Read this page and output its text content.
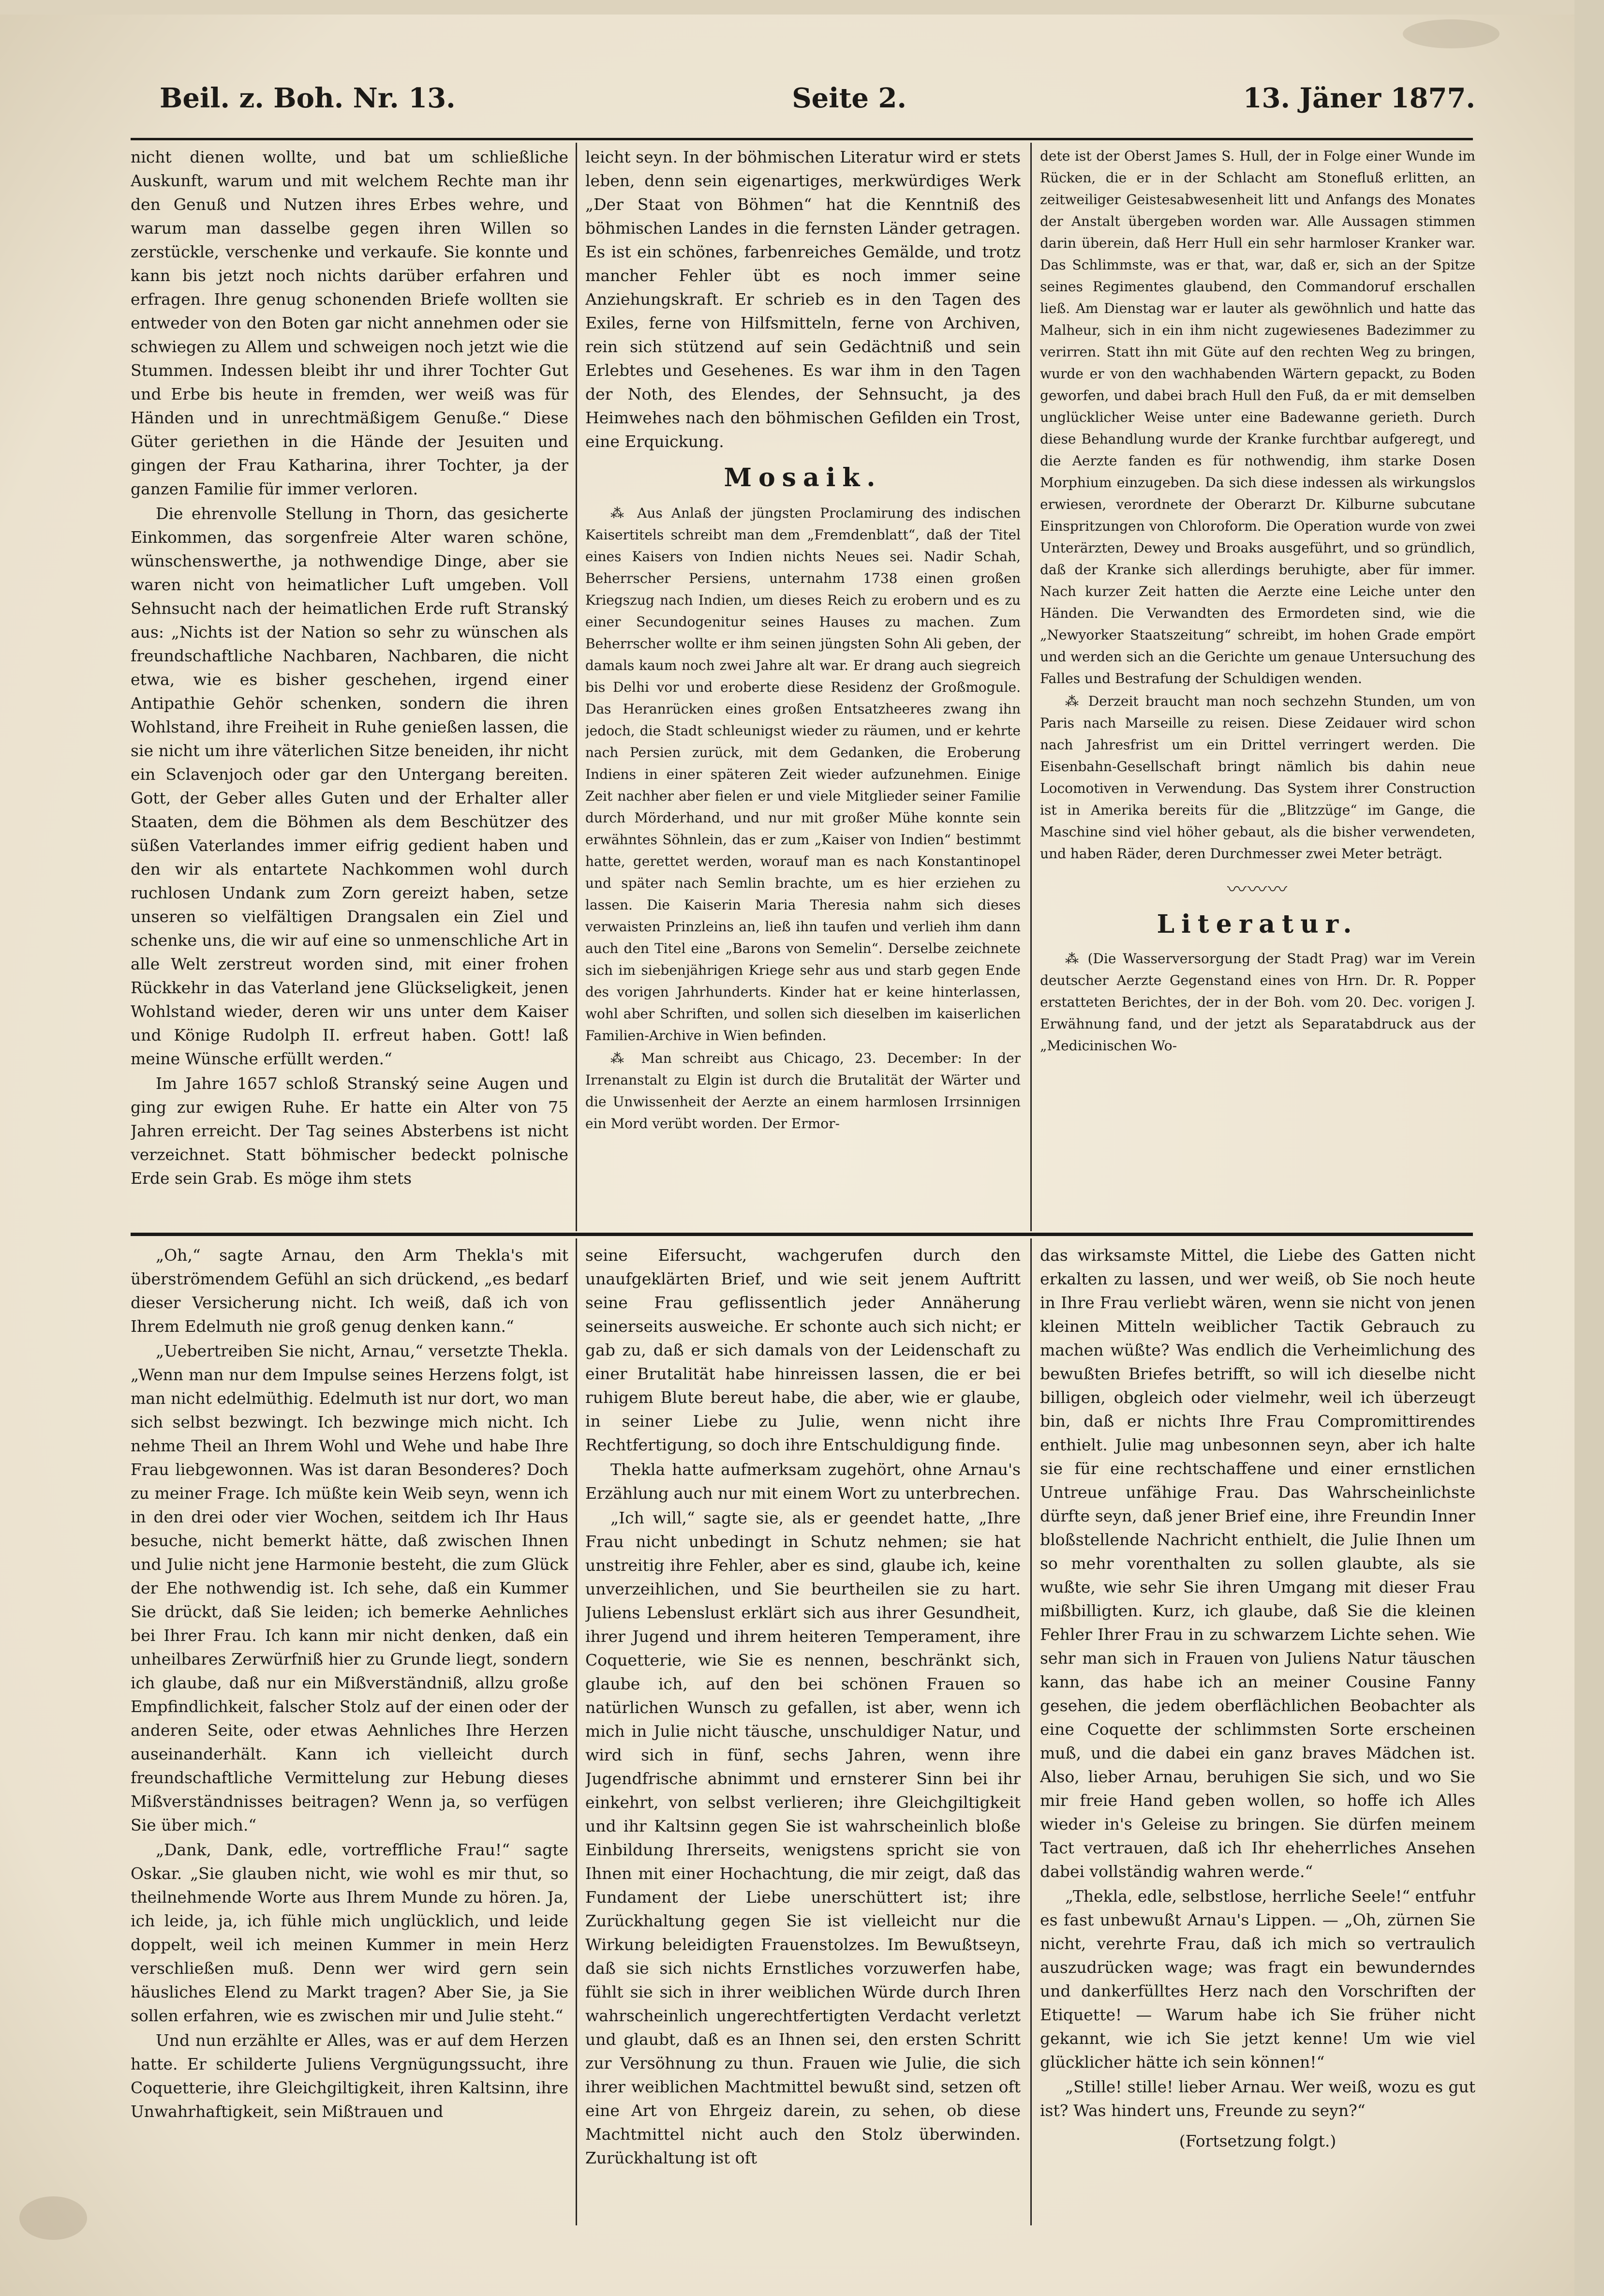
Beil. z. Boh. Nr. 13.	Seite 2.	13. Jäner 1877.

nicht dienen wollte, und bat um schließliche Auskunft, warum und mit welchem Rechte man ihr den Genuß und Nutzen ihres Erbes wehre, und warum man dasselbe gegen ihren Willen so zerstückle, verschenke und verkaufe. Sie konnte und kann bis jetzt noch nichts darüber erfahren und erfragen. Ihre genug schonenden Briefe wollten sie entweder von den Boten gar nicht annehmen oder sie schwiegen zu Allem und schweigen noch jetzt wie die Stummen. Indessen bleibt ihr und ihrer Tochter Gut und Erbe bis heute in fremden, wer weiß was für Händen und in unrechtmäßigem Genuße.“ Diese Güter geriethen in die Hände der Jesuiten und gingen der Frau Katharina, ihrer Tochter, ja der ganzen Familie für immer verloren.

Die ehrenvolle Stellung in Thorn, das gesicherte Einkommen, das sorgenfreie Alter waren schöne, wünschenswerthe, ja nothwendige Dinge, aber sie waren nicht von heimatlicher Luft umgeben. Voll Sehnsucht nach der heimatlichen Erde ruft Stranský aus: „Nichts ist der Nation so sehr zu wünschen als freundschaftliche Nachbaren, Nachbaren, die nicht etwa, wie es bisher geschehen, irgend einer Antipathie Gehör schenken, sondern die ihren Wohlstand, ihre Freiheit in Ruhe genießen lassen, die sie nicht um ihre väterlichen Sitze beneiden, ihr nicht ein Sclavenjoch oder gar den Untergang bereiten. Gott, der Geber alles Guten und der Erhalter aller Staaten, dem die Böhmen als dem Beschützer des süßen Vaterlandes immer eifrig gedient haben und den wir als entartete Nachkommen wohl durch ruchlosen Undank zum Zorn gereizt haben, setze unseren so vielfältigen Drangsalen ein Ziel und schenke uns, die wir auf eine so unmenschliche Art in alle Welt zerstreut worden sind, mit einer frohen Rückkehr in das Vaterland jene Glückseligkeit, jenen Wohlstand wieder, deren wir uns unter dem Kaiser und Könige Rudolph II. erfreut haben. Gott! laß meine Wünsche erfüllt werden.“

Im Jahre 1657 schloß Stranský seine Augen und ging zur ewigen Ruhe. Er hatte ein Alter von 75 Jahren erreicht. Der Tag seines Absterbens ist nicht verzeichnet. Statt böhmischer bedeckt polnische Erde sein Grab. Es möge ihm stets

leicht seyn. In der böhmischen Literatur wird er stets leben, denn sein eigenartiges, merkwürdiges Werk „Der Staat von Böhmen“ hat die Kenntniß des böhmischen Landes in die fernsten Länder getragen. Es ist ein schönes, farbenreiches Gemälde, und trotz mancher Fehler übt es noch immer seine Anziehungskraft. Er schrieb es in den Tagen des Exiles, ferne von Hilfsmitteln, ferne von Archiven, rein sich stützend auf sein Gedächtniß und sein Erlebtes und Gesehenes. Es war ihm in den Tagen der Noth, des Elendes, der Sehnsucht, ja des Heimwehes nach den böhmischen Gefilden ein Trost, eine Erquickung.

Mosaik.

⁂ Aus Anlaß der jüngsten Proclamirung des indischen Kaisertitels schreibt man dem „Fremdenblatt“, daß der Titel eines Kaisers von Indien nichts Neues sei. Nadir Schah, Beherrscher Persiens, unternahm 1738 einen großen Kriegszug nach Indien, um dieses Reich zu erobern und es zu einer Secundogenitur seines Hauses zu machen. Zum Beherrscher wollte er ihm seinen jüngsten Sohn Ali geben, der damals kaum noch zwei Jahre alt war. Er drang auch siegreich bis Delhi vor und eroberte diese Residenz der Großmogule. Das Heranrücken eines großen Entsatzheeres zwang ihn jedoch, die Stadt schleunigst wieder zu räumen, und er kehrte nach Persien zurück, mit dem Gedanken, die Eroberung Indiens in einer späteren Zeit wieder aufzunehmen. Einige Zeit nachher aber fielen er und viele Mitglieder seiner Familie durch Mörderhand, und nur mit großer Mühe konnte sein erwähntes Söhnlein, das er zum „Kaiser von Indien“ bestimmt hatte, gerettet werden, worauf man es nach Konstantinopel und später nach Semlin brachte, um es hier erziehen zu lassen. Die Kaiserin Maria Theresia nahm sich dieses verwaisten Prinzleins an, ließ ihn taufen und verlieh ihm dann auch den Titel eine „Barons von Semelin“. Derselbe zeichnete sich im siebenjährigen Kriege sehr aus und starb gegen Ende des vorigen Jahrhunderts. Kinder hat er keine hinterlassen, wohl aber Schriften, und sollen sich dieselben im kaiserlichen Familien-Archive in Wien befinden.

⁂ Man schreibt aus Chicago, 23. December: In der Irrenanstalt zu Elgin ist durch die Brutalität der Wärter und die Unwissenheit der Aerzte an einem harmlosen Irrsinnigen ein Mord verübt worden. Der Ermor-

dete ist der Oberst James S. Hull, der in Folge einer Wunde im Rücken, die er in der Schlacht am Stonefluß erlitten, an zeitweiliger Geistesabwesenheit litt und Anfangs des Monates der Anstalt übergeben worden war. Alle Aussagen stimmen darin überein, daß Herr Hull ein sehr harmloser Kranker war. Das Schlimmste, was er that, war, daß er, sich an der Spitze seines Regimentes glaubend, den Commandoruf erschallen ließ. Am Dienstag war er lauter als gewöhnlich und hatte das Malheur, sich in ein ihm nicht zugewiesenes Badezimmer zu verirren. Statt ihn mit Güte auf den rechten Weg zu bringen, wurde er von den wachhabenden Wärtern gepackt, zu Boden geworfen, und dabei brach Hull den Fuß, da er mit demselben unglücklicher Weise unter eine Badewanne gerieth. Durch diese Behandlung wurde der Kranke furchtbar aufgeregt, und die Aerzte fanden es für nothwendig, ihm starke Dosen Morphium einzugeben. Da sich diese indessen als wirkungslos erwiesen, verordnete der Oberarzt Dr. Kilburne subcutane Einspritzungen von Chloroform. Die Operation wurde von zwei Unterärzten, Dewey und Broaks ausgeführt, und so gründlich, daß der Kranke sich allerdings beruhigte, aber für immer. Nach kurzer Zeit hatten die Aerzte eine Leiche unter den Händen. Die Verwandten des Ermordeten sind, wie die „Newyorker Staatszeitung“ schreibt, im hohen Grade empört und werden sich an die Gerichte um genaue Untersuchung des Falles und Bestrafung der Schuldigen wenden.

⁂ Derzeit braucht man noch sechzehn Stunden, um von Paris nach Marseille zu reisen. Diese Zeidauer wird schon nach Jahresfrist um ein Drittel verringert werden. Die Eisenbahn-Gesellschaft bringt nämlich bis dahin neue Locomotiven in Verwendung. Das System ihrer Construction ist in Amerika bereits für die „Blitzzüge“ im Gange, die Maschine sind viel höher gebaut, als die bisher verwendeten, und haben Räder, deren Durchmesser zwei Meter beträgt.

〰〰〰
Literatur.

⁂ (Die Wasserversorgung der Stadt Prag) war im Verein deutscher Aerzte Gegenstand eines von Hrn. Dr. R. Popper erstatteten Berichtes, der in der Boh. vom 20. Dec. vorigen J. Erwähnung fand, und der jetzt als Separatabdruck aus der „Medicinischen Wo-

„Oh,“ sagte Arnau, den Arm Thekla's mit überströmendem Gefühl an sich drückend, „es bedarf dieser Versicherung nicht. Ich weiß, daß ich von Ihrem Edelmuth nie groß genug denken kann.“

„Uebertreiben Sie nicht, Arnau,“ versetzte Thekla. „Wenn man nur dem Impulse seines Herzens folgt, ist man nicht edelmüthig. Edelmuth ist nur dort, wo man sich selbst bezwingt. Ich bezwinge mich nicht. Ich nehme Theil an Ihrem Wohl und Wehe und habe Ihre Frau liebgewonnen. Was ist daran Besonderes? Doch zu meiner Frage. Ich müßte kein Weib seyn, wenn ich in den drei oder vier Wochen, seitdem ich Ihr Haus besuche, nicht bemerkt hätte, daß zwischen Ihnen und Julie nicht jene Harmonie besteht, die zum Glück der Ehe nothwendig ist. Ich sehe, daß ein Kummer Sie drückt, daß Sie leiden; ich bemerke Aehnliches bei Ihrer Frau. Ich kann mir nicht denken, daß ein unheilbares Zerwürfniß hier zu Grunde liegt, sondern ich glaube, daß nur ein Mißverständniß, allzu große Empfindlichkeit, falscher Stolz auf der einen oder der anderen Seite, oder etwas Aehnliches Ihre Herzen auseinanderhält. Kann ich vielleicht durch freundschaftliche Vermittelung zur Hebung dieses Mißverständnisses beitragen? Wenn ja, so verfügen Sie über mich.“

„Dank, Dank, edle, vortreffliche Frau!“ sagte Oskar. „Sie glauben nicht, wie wohl es mir thut, so theilnehmende Worte aus Ihrem Munde zu hören. Ja, ich leide, ja, ich fühle mich unglücklich, und leide doppelt, weil ich meinen Kummer in mein Herz verschließen muß. Denn wer wird gern sein häusliches Elend zu Markt tragen? Aber Sie, ja Sie sollen erfahren, wie es zwischen mir und Julie steht.“

Und nun erzählte er Alles, was er auf dem Herzen hatte. Er schilderte Juliens Vergnügungssucht, ihre Coquetterie, ihre Gleichgiltigkeit, ihren Kaltsinn, ihre Unwahrhaftigkeit, sein Mißtrauen und

seine Eifersucht, wachgerufen durch den unaufgeklärten Brief, und wie seit jenem Auftritt seine Frau geflissentlich jeder Annäherung seinerseits ausweiche. Er schonte auch sich nicht; er gab zu, daß er sich damals von der Leidenschaft zu einer Brutalität habe hinreissen lassen, die er bei ruhigem Blute bereut habe, die aber, wie er glaube, in seiner Liebe zu Julie, wenn nicht ihre Rechtfertigung, so doch ihre Entschuldigung finde.

Thekla hatte aufmerksam zugehört, ohne Arnau's Erzählung auch nur mit einem Wort zu unterbrechen.

„Ich will,“ sagte sie, als er geendet hatte, „Ihre Frau nicht unbedingt in Schutz nehmen; sie hat unstreitig ihre Fehler, aber es sind, glaube ich, keine unverzeihlichen, und Sie beurtheilen sie zu hart. Juliens Lebenslust erklärt sich aus ihrer Gesundheit, ihrer Jugend und ihrem heiteren Temperament, ihre Coquetterie, wie Sie es nennen, beschränkt sich, glaube ich, auf den bei schönen Frauen so natürlichen Wunsch zu gefallen, ist aber, wenn ich mich in Julie nicht täusche, unschuldiger Natur, und wird sich in fünf, sechs Jahren, wenn ihre Jugendfrische abnimmt und ernsterer Sinn bei ihr einkehrt, von selbst verlieren; ihre Gleichgiltigkeit und ihr Kaltsinn gegen Sie ist wahrscheinlich bloße Einbildung Ihrerseits, wenigstens spricht sie von Ihnen mit einer Hochachtung, die mir zeigt, daß das Fundament der Liebe unerschüttert ist; ihre Zurückhaltung gegen Sie ist vielleicht nur die Wirkung beleidigten Frauenstolzes. Im Bewußtseyn, daß sie sich nichts Ernstliches vorzuwerfen habe, fühlt sie sich in ihrer weiblichen Würde durch Ihren wahrscheinlich ungerechtfertigten Verdacht verletzt und glaubt, daß es an Ihnen sei, den ersten Schritt zur Versöhnung zu thun. Frauen wie Julie, die sich ihrer weiblichen Machtmittel bewußt sind, setzen oft eine Art von Ehrgeiz darein, zu sehen, ob diese Machtmittel nicht auch den Stolz überwinden. Zurückhaltung ist oft

das wirksamste Mittel, die Liebe des Gatten nicht erkalten zu lassen, und wer weiß, ob Sie noch heute in Ihre Frau verliebt wären, wenn sie nicht von jenen kleinen Mitteln weiblicher Tactik Gebrauch zu machen wüßte? Was endlich die Verheimlichung des bewußten Briefes betrifft, so will ich dieselbe nicht billigen, obgleich oder vielmehr, weil ich überzeugt bin, daß er nichts Ihre Frau Compromittirendes enthielt. Julie mag unbesonnen seyn, aber ich halte sie für eine rechtschaffene und einer ernstlichen Untreue unfähige Frau. Das Wahrscheinlichste dürfte seyn, daß jener Brief eine, ihre Freundin Inner bloßstellende Nachricht enthielt, die Julie Ihnen um so mehr vorenthalten zu sollen glaubte, als sie wußte, wie sehr Sie ihren Umgang mit dieser Frau mißbilligten. Kurz, ich glaube, daß Sie die kleinen Fehler Ihrer Frau in zu schwarzem Lichte sehen. Wie sehr man sich in Frauen von Juliens Natur täuschen kann, das habe ich an meiner Cousine Fanny gesehen, die jedem oberflächlichen Beobachter als eine Coquette der schlimmsten Sorte erscheinen muß, und die dabei ein ganz braves Mädchen ist. Also, lieber Arnau, beruhigen Sie sich, und wo Sie mir freie Hand geben wollen, so hoffe ich Alles wieder in's Geleise zu bringen. Sie dürfen meinem Tact vertrauen, daß ich Ihr eheherrliches Ansehen dabei vollständig wahren werde.“

„Thekla, edle, selbstlose, herrliche Seele!“ entfuhr es fast unbewußt Arnau's Lippen. — „Oh, zürnen Sie nicht, verehrte Frau, daß ich mich so vertraulich auszudrücken wage; was fragt ein bewunderndes und dankerfülltes Herz nach den Vorschriften der Etiquette! — Warum habe ich Sie früher nicht gekannt, wie ich Sie jetzt kenne! Um wie viel glücklicher hätte ich sein können!“

„Stille! stille! lieber Arnau. Wer weiß, wozu es gut ist? Was hindert uns, Freunde zu seyn?“

(Fortsetzung folgt.)
